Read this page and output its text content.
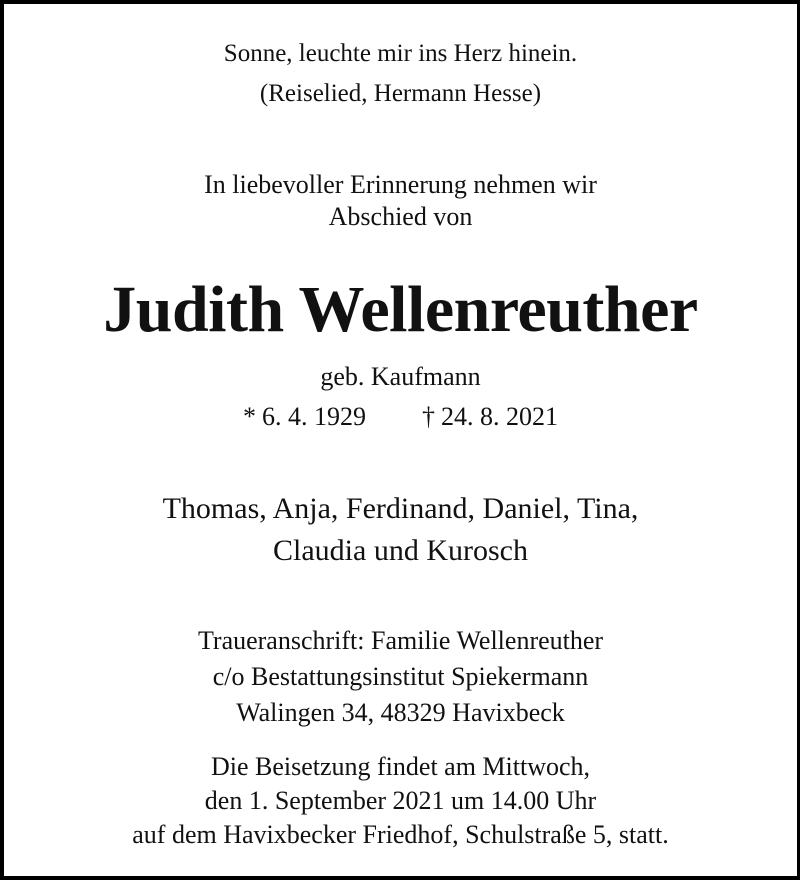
Sonne, leuchte mir ins Herz hinein.
(Reiselied, Hermann Hesse)
In liebevoller Erinnerung nehmen wir
Abschied von
Judith Wellenreuther
geb. Kaufmann
* 6. 4. 1929 † 24. 8. 2021
Thomas, Anja, Ferdinand, Daniel, Tina,
Claudia und Kurosch
Traueranschrift: Familie Wellenreuther
c/o Bestattungsinstitut Spiekermann
Walingen 34, 48329 Havixbeck
Die Beisetzung findet am Mittwoch,
den 1. September 2021 um 14.00 Uhr
auf dem Havixbecker Friedhof, Schulstraße 5, statt.
